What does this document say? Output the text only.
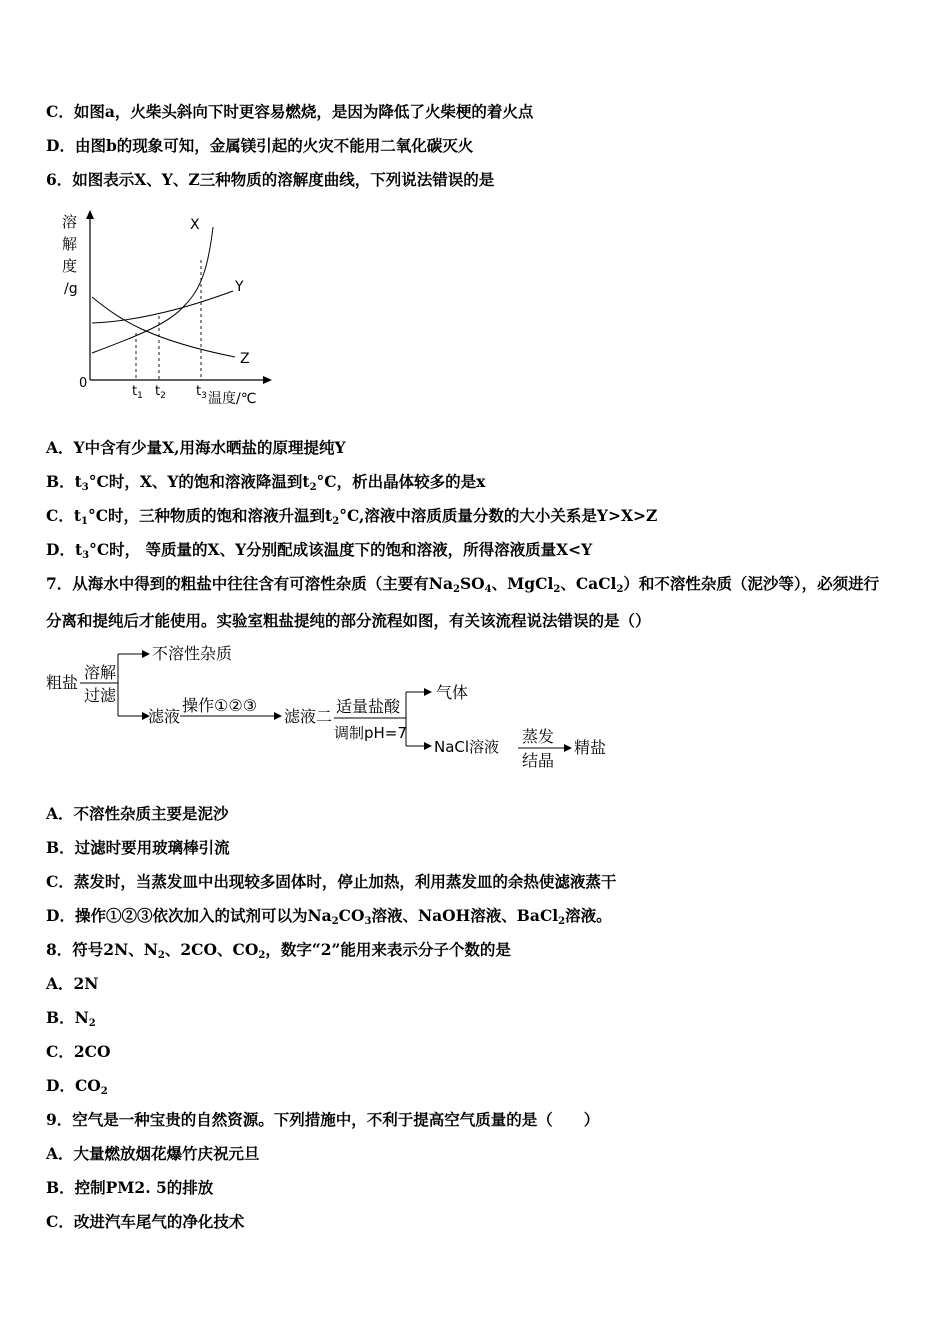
C．如图a，火柴头斜向下时更容易燃烧，是因为降低了火柴梗的着火点
D．由图b的现象可知，金属镁引起的火灾不能用二氧化碳灭火
6．如图表示X、Y、Z三种物质的溶解度曲线，下列说法错误的是
溶
解
度
/g
0
X
Y
Z
$t_1$ $t_2$ $t_3$ 温度/℃
A．Y中含有少量X,用海水晒盐的原理提纯Y
B．$t_3^\circ C$时，X、Y的饱和溶液降温到$t_2^\circ C$，析出晶体较多的是x
C．$t_1^\circ C$时，三种物质的饱和溶液升温到$t_2^\circ C$,溶液中溶质质量分数的大小关系是Y>X>Z
D．$t_3^\circ C$时， 等质量的X、Y分别配成该温度下的饱和溶液，所得溶液质量X<Y
7．从海水中得到的粗盐中往往含有可溶性杂质（主要有$Na_2SO_4$、MgCl$_2$、CaCl$_2$）和不溶性杂质（泥沙等），必须进行
分离和提纯后才能使用。实验室粗盐提纯的部分流程如图，有关该流程说法错误的是（）
粗盐
溶解
过滤
不溶性杂质
滤液
操作①②③
滤液二
适量盐酸
调制pH=7
气体
NaCl溶液
蒸发
结晶
精盐
A．不溶性杂质主要是泥沙
B．过滤时要用玻璃棒引流
C．蒸发时，当蒸发皿中出现较多固体时，停止加热，利用蒸发皿的余热使滤液蒸干
D．操作①②③依次加入的试剂可以为$Na_2CO_3$溶液、NaOH溶液、BaCl$_2$溶液。
8．符号2N、$N_2$、2CO、$CO_2$，数字“2”能用来表示分子个数的是
A．2N
B．$N_2$
C．2CO
D．$CO_2$
9．空气是一种宝贵的自然资源。下列措施中，不利于提高空气质量的是（　　）
A．大量燃放烟花爆竹庆祝元旦
B．控制PM2. 5的排放
C．改进汽车尾气的净化技术
